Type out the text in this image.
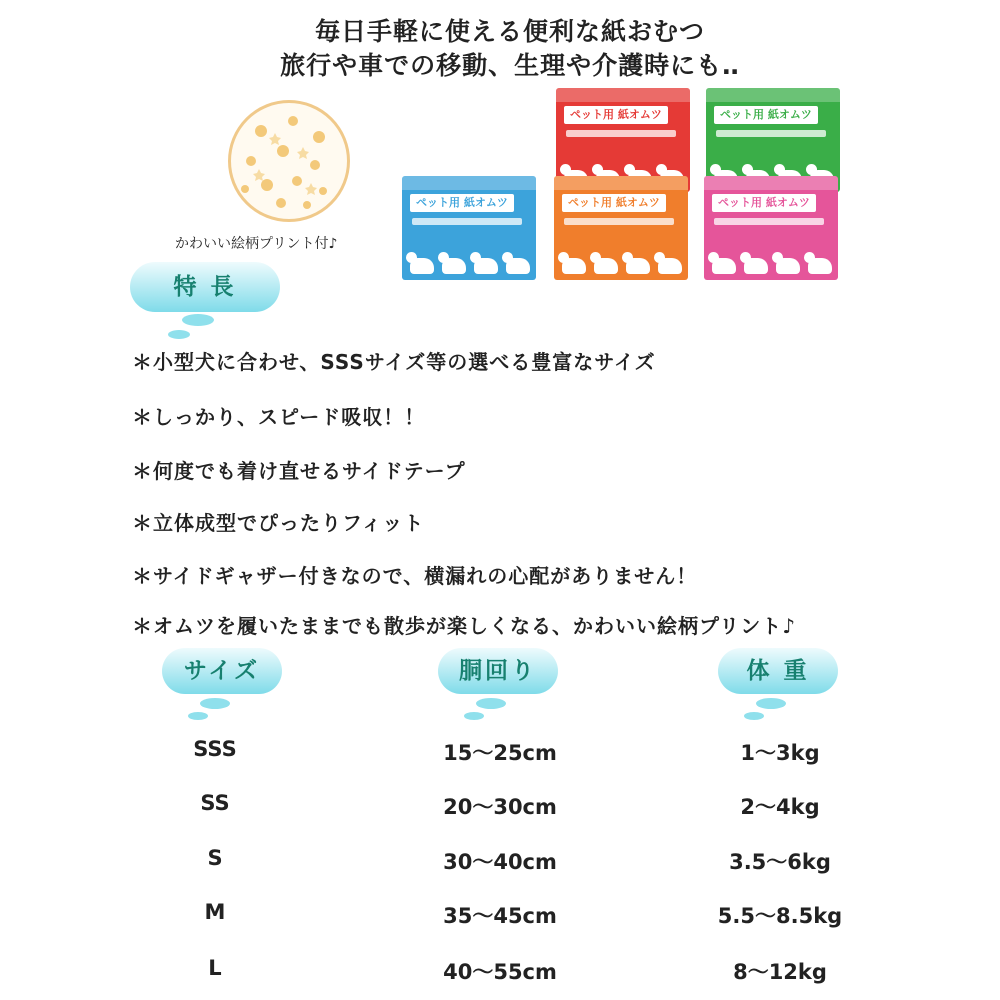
毎日手軽に使える便利な紙おむつ
旅行や車での移動、生理や介護時にも‥
かわいい絵柄プリント付♪
ペット用 紙オムツ	ペット用 紙オムツ
ペット用 紙オムツ	ペット用 紙オムツ	ペット用 紙オムツ
特 長
＊小型犬に合わせ、SSSサイズ等の選べる豊富なサイズ
＊しっかり、スピード吸収！！
＊何度でも着け直せるサイドテープ
＊立体成型でぴったりフィット
＊サイドギャザー付きなので、横漏れの心配がありません！
＊オムツを履いたままでも散歩が楽しくなる、かわいい絵柄プリント♪
サイズ	胴回り	体 重
SSS	15～25cm	1～3kg
SS	20～30cm	2～4kg
S	30～40cm	3.5～6kg
M	35～45cm	5.5～8.5kg
L	40～55cm	8～12kg
